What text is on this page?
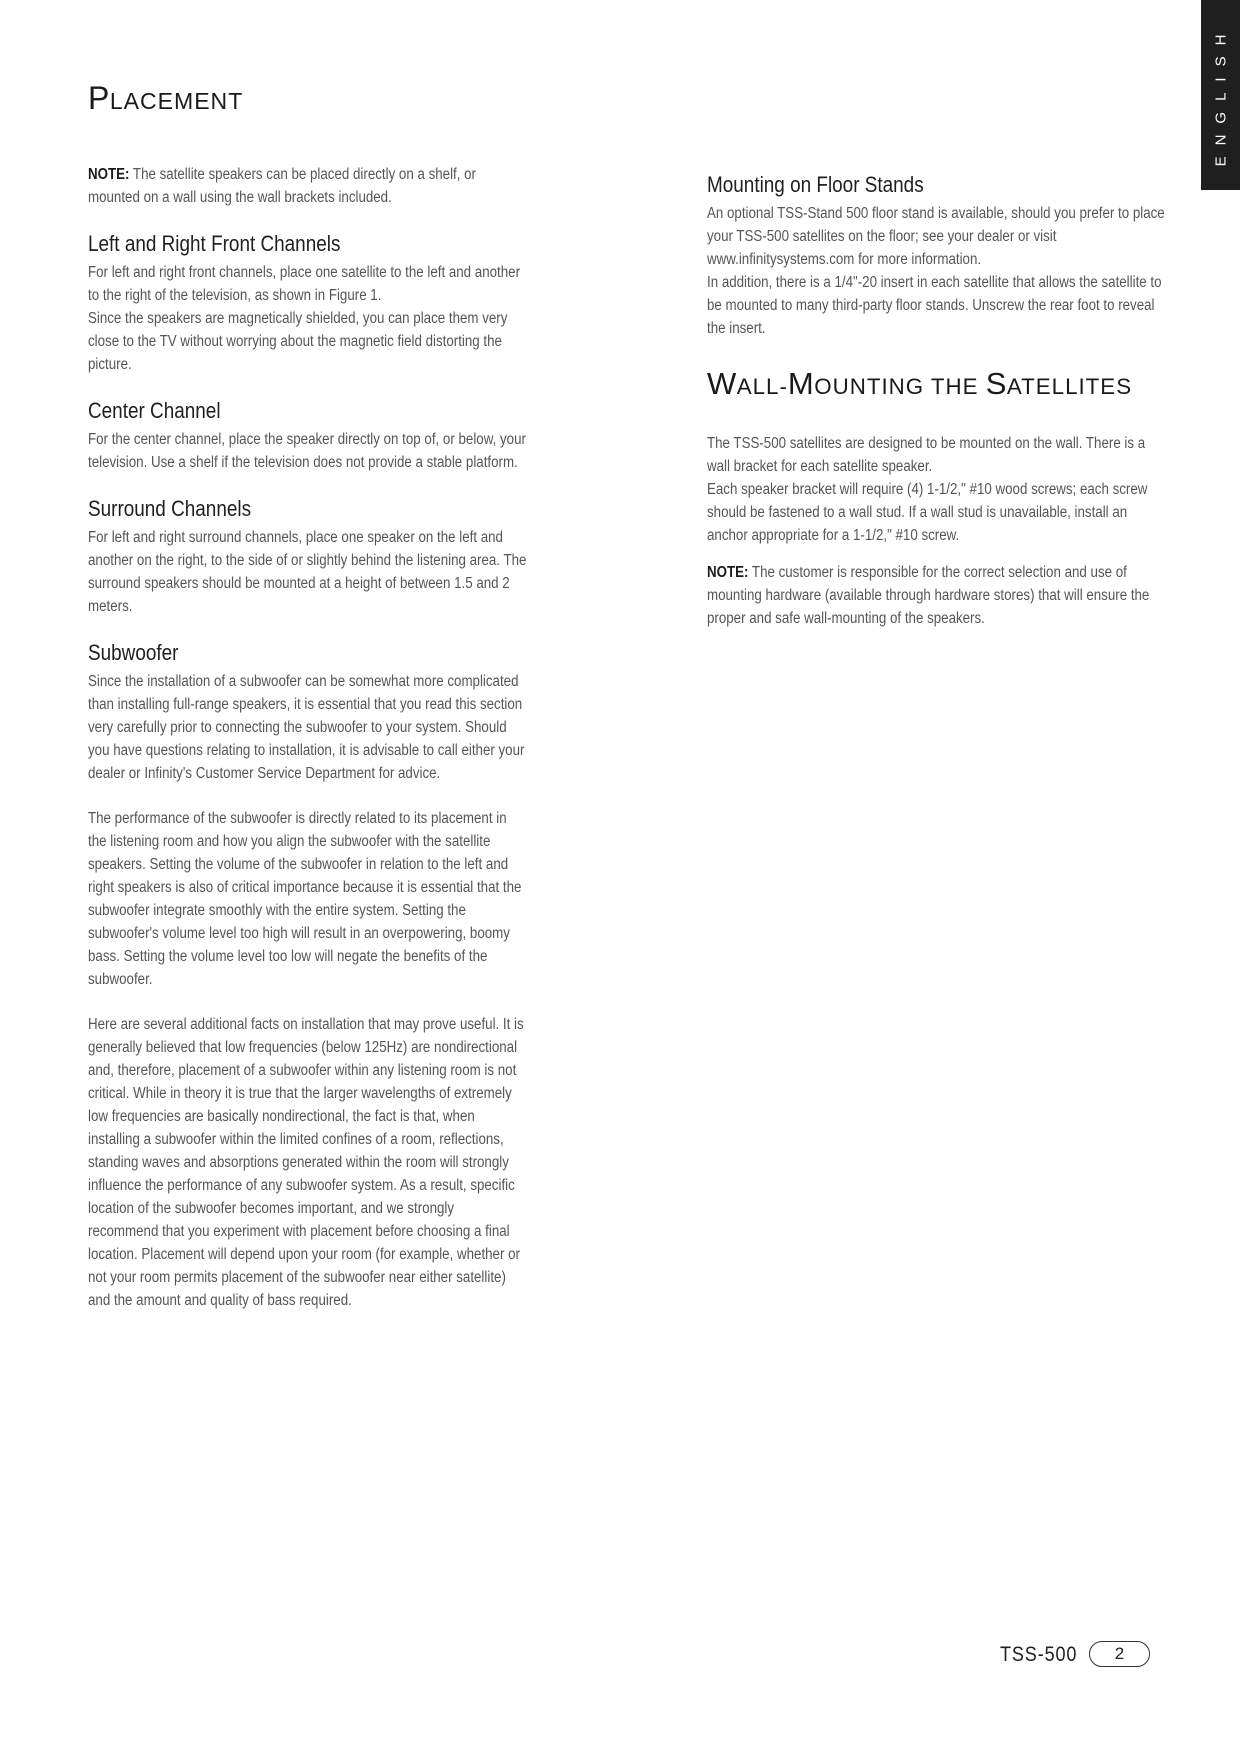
ENGLISH
PLACEMENT

NOTE: The satellite speakers can be placed directly on a shelf, or mounted on a wall using the wall brackets included.

Left and Right Front Channels

For left and right front channels, place one satellite to the left and another to the right of the television, as shown in Figure 1.

Since the speakers are magnetically shielded, you can place them very close to the TV without worrying about the magnetic field distorting the picture.

Center Channel

For the center channel, place the speaker directly on top of, or below, your television. Use a shelf if the television does not provide a stable platform.

Surround Channels

For left and right surround channels, place one speaker on the left and another on the right, to the side of or slightly behind the listening area. The surround speakers should be mounted at a height of between 1.5 and 2 meters.

Subwoofer

Since the installation of a subwoofer can be somewhat more complicated than installing full-range speakers, it is essential that you read this section very carefully prior to connecting the subwoofer to your system. Should you have questions relating to installation, it is advisable to call either your dealer or Infinity's Customer Service Department for advice.

The performance of the subwoofer is directly related to its placement in the listening room and how you align the subwoofer with the satellite speakers. Setting the volume of the subwoofer in relation to the left and right speakers is also of critical importance because it is essential that the subwoofer integrate smoothly with the entire system. Setting the subwoofer's volume level too high will result in an overpowering, boomy bass. Setting the volume level too low will negate the benefits of the subwoofer.

Here are several additional facts on installation that may prove useful. It is generally believed that low frequencies (below 125Hz) are nondirectional and, therefore, placement of a subwoofer within any listening room is not critical. While in theory it is true that the larger wavelengths of extremely low frequencies are basically nondirectional, the fact is that, when installing a subwoofer within the limited confines of a room, reflections, standing waves and absorptions generated within the room will strongly influence the performance of any subwoofer system. As a result, specific location of the subwoofer becomes important, and we strongly recommend that you experiment with placement before choosing a final location. Placement will depend upon your room (for example, whether or not your room permits placement of the subwoofer near either satellite) and the amount and quality of bass required.

Mounting on Floor Stands

An optional TSS-Stand 500 floor stand is available, should you prefer to place your TSS-500 satellites on the floor; see your dealer or visit www.infinitysystems.com for more information.

In addition, there is a 1/4"-20 insert in each satellite that allows the satellite to be mounted to many third-party floor stands. Unscrew the rear foot to reveal the insert.

WALL-MOUNTING THE SATELLITES

The TSS-500 satellites are designed to be mounted on the wall. There is a wall bracket for each satellite speaker.

Each speaker bracket will require (4) 1-1/2," #10 wood screws; each screw should be fastened to a wall stud. If a wall stud is unavailable, install an anchor appropriate for a 1-1/2," #10 screw.

NOTE: The customer is responsible for the correct selection and use of mounting hardware (available through hardware stores) that will ensure the proper and safe wall-mounting of the speakers.

TSS-500	2
